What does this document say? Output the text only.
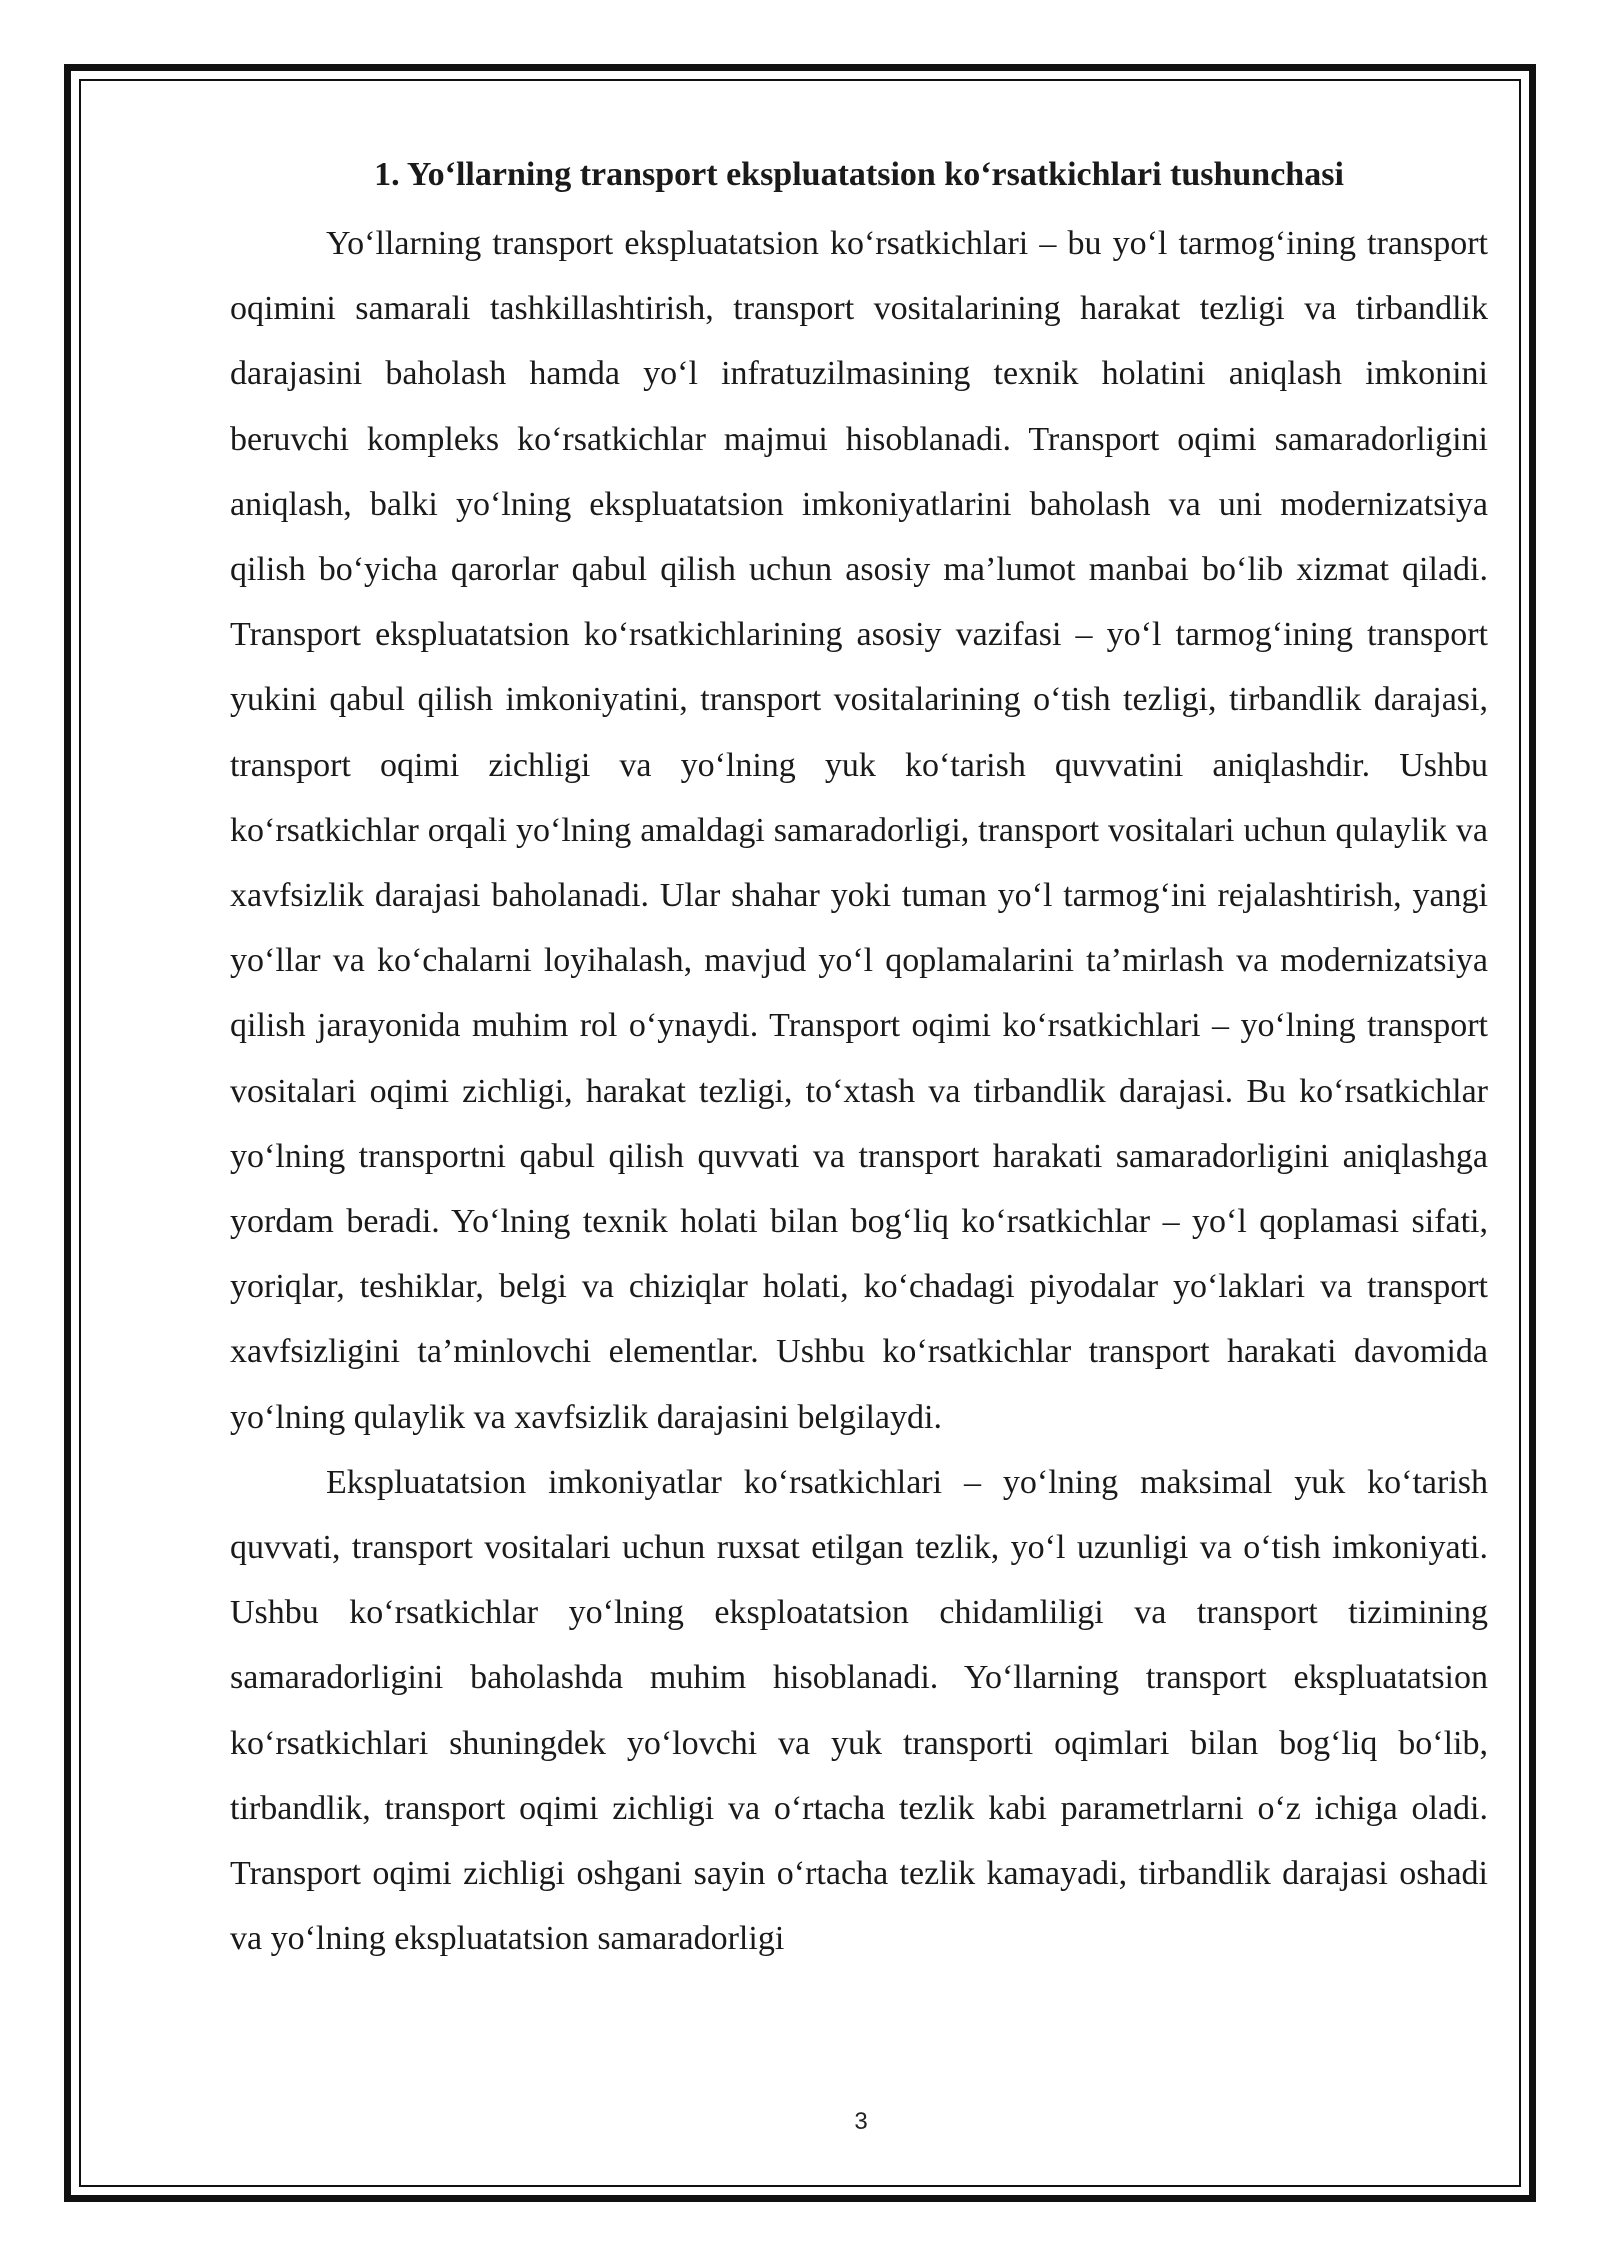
1. Yo‘llarning transport ekspluatatsion ko‘rsatkichlari tushunchasi

Yo‘llarning transport ekspluatatsion ko‘rsatkichlari – bu yo‘l tarmog‘ining transport oqimini samarali tashkillashtirish, transport vositalarining harakat tezligi va tirbandlik darajasini baholash hamda yo‘l infratuzilmasining texnik holatini aniqlash imkonini beruvchi kompleks ko‘rsatkichlar majmui hisoblanadi. Transport oqimi samaradorligini aniqlash, balki yo‘lning ekspluatatsion imkoniyatlarini baholash va uni modernizatsiya qilish bo‘yicha qarorlar qabul qilish uchun asosiy ma’lumot manbai bo‘lib xizmat qiladi. Transport ekspluatatsion ko‘rsatkichlarining asosiy vazifasi – yo‘l tarmog‘ining transport yukini qabul qilish imkoniyatini, transport vositalarining o‘tish tezligi, tirbandlik darajasi, transport oqimi zichligi va yo‘lning yuk ko‘tarish quvvatini aniqlashdir. Ushbu ko‘rsatkichlar orqali yo‘lning amaldagi samaradorligi, transport vositalari uchun qulaylik va xavfsizlik darajasi baholanadi. Ular shahar yoki tuman yo‘l tarmog‘ini rejalashtirish, yangi yo‘llar va ko‘chalarni loyihalash, mavjud yo‘l qoplamalarini ta’mirlash va modernizatsiya qilish jarayonida muhim rol o‘ynaydi. Transport oqimi ko‘rsatkichlari – yo‘lning transport vositalari oqimi zichligi, harakat tezligi, to‘xtash va tirbandlik darajasi. Bu ko‘rsatkichlar yo‘lning transportni qabul qilish quvvati va transport harakati samaradorligini aniqlashga yordam beradi. Yo‘lning texnik holati bilan bog‘liq ko‘rsatkichlar – yo‘l qoplamasi sifati, yoriqlar, teshiklar, belgi va chiziqlar holati, ko‘chadagi piyodalar yo‘laklari va transport xavfsizligini ta’minlovchi elementlar. Ushbu ko‘rsatkichlar transport harakati davomida yo‘lning qulaylik va xavfsizlik darajasini belgilaydi.

Ekspluatatsion imkoniyatlar ko‘rsatkichlari – yo‘lning maksimal yuk ko‘tarish quvvati, transport vositalari uchun ruxsat etilgan tezlik, yo‘l uzunligi va o‘tish imkoniyati. Ushbu ko‘rsatkichlar yo‘lning eksploatatsion chidamliligi va transport tizimining samaradorligini baholashda muhim hisoblanadi. Yo‘llarning transport ekspluatatsion ko‘rsatkichlari shuningdek yo‘lovchi va yuk transporti oqimlari bilan bog‘liq bo‘lib, tirbandlik, transport oqimi zichligi va o‘rtacha tezlik kabi parametrlarni o‘z ichiga oladi. Transport oqimi zichligi oshgani sayin o‘rtacha tezlik kamayadi, tirbandlik darajasi oshadi va yo‘lning ekspluatatsion samaradorligi

3
